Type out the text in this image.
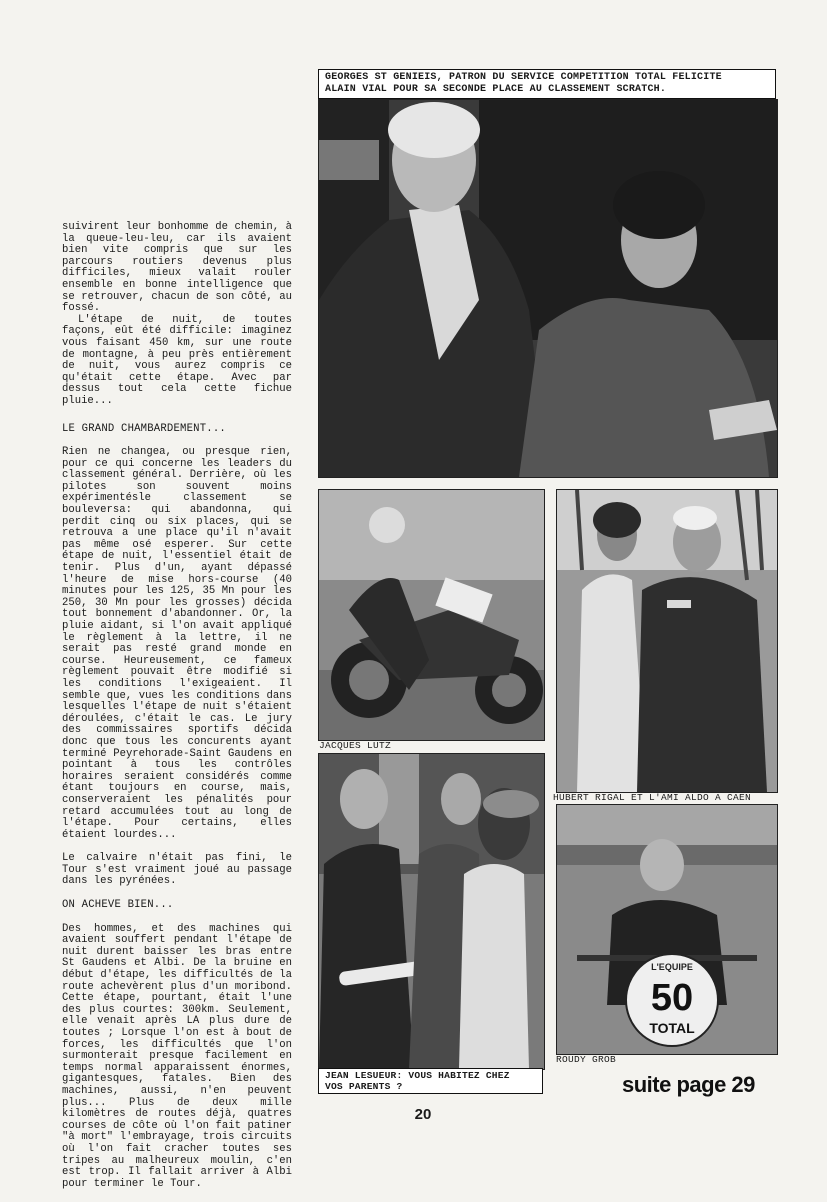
suivirent leur bonhomme de chemin, à la queue-leu-leu, car ils avaient bien vite compris que sur les parcours routiers devenus plus difficiles, mieux valait rouler ensemble en bonne intelligence que se retrouver, chacun de son côté, au fossé.

L'étape de nuit, de toutes façons, eût été difficile: imaginez vous faisant 450 km, sur une route de montagne, à peu près entièrement de nuit, vous aurez compris ce qu'était cette étape. Avec par dessus tout cela cette fichue pluie...

LE GRAND CHAMBARDEMENT...

Rien ne changea, ou presque rien, pour ce qui concerne les leaders du classement général. Derrière, où les pilotes son souvent moins expérimentésle classement se bouleversa: qui abandonna, qui perdit cinq ou six places, qui se retrouva a une place qu'il n'avait pas même osé esperer. Sur cette étape de nuit, l'essentiel était de tenir. Plus d'un, ayant dépassé l'heure de mise hors-course (40 minutes pour les 125, 35 Mn pour les 250, 30 Mn pour les grosses) décida tout bonnement d'abandonner. Or, la pluie aidant, si l'on avait appliqué le règlement à la lettre, il ne serait pas resté grand monde en course. Heureusement, ce fameux règlement pouvait être modifié si les conditions l'exigeaient. Il semble que, vues les conditions dans lesquelles l'étape de nuit s'étaient déroulées, c'était le cas. Le jury des commissaires sportifs décida donc que tous les concurents ayant terminé Peyrehorade-Saint Gaudens en pointant à tous les contrôles horaires seraient considérés comme étant toujours en course, mais, conserveraient les pénalités pour retard accumulées tout au long de l'étape. Pour certains, elles étaient lourdes...

Le calvaire n'était pas fini, le Tour s'est vraiment joué au passage dans les pyrénées.

ON ACHEVE BIEN...

Des hommes, et des machines qui avaient souffert pendant l'étape de nuit durent baisser les bras entre St Gaudens et Albi. De la bruine en début d'étape, les difficultés de la route achevèrent plus d'un moribond. Cette étape, pourtant, était l'une des plus courtes: 300km. Seulement, elle venait après LA plus dure de toutes ; Lorsque l'on est à bout de forces, les difficultés que l'on surmonterait presque facilement en temps normal apparaissent énormes, gigantesques, fatales. Bien des machines, aussi, n'en peuvent plus... Plus de deux mille kilomètres de routes déjà, quatres courses de côte où l'on fait patiner "à mort" l'embrayage, trois circuits où l'on fait cracher toutes ses tripes au malheureux moulin, c'en est trop. Il fallait arriver à Albi pour terminer le Tour.

GEORGES ST GENIEIS, PATRON DU SERVICE COMPETITION TOTAL FELICITE
ALAIN VIAL POUR SA SECONDE PLACE AU CLASSEMENT SCRATCH.
JACQUES LUTZ
HUBERT RIGAL ET L'AMI ALDO A CAEN
JEAN LESUEUR: VOUS HABITEZ CHEZ
VOS PARENTS ?
L'EQUIPE
50
TOTAL
ROUDY GROB
suite page 29
20
